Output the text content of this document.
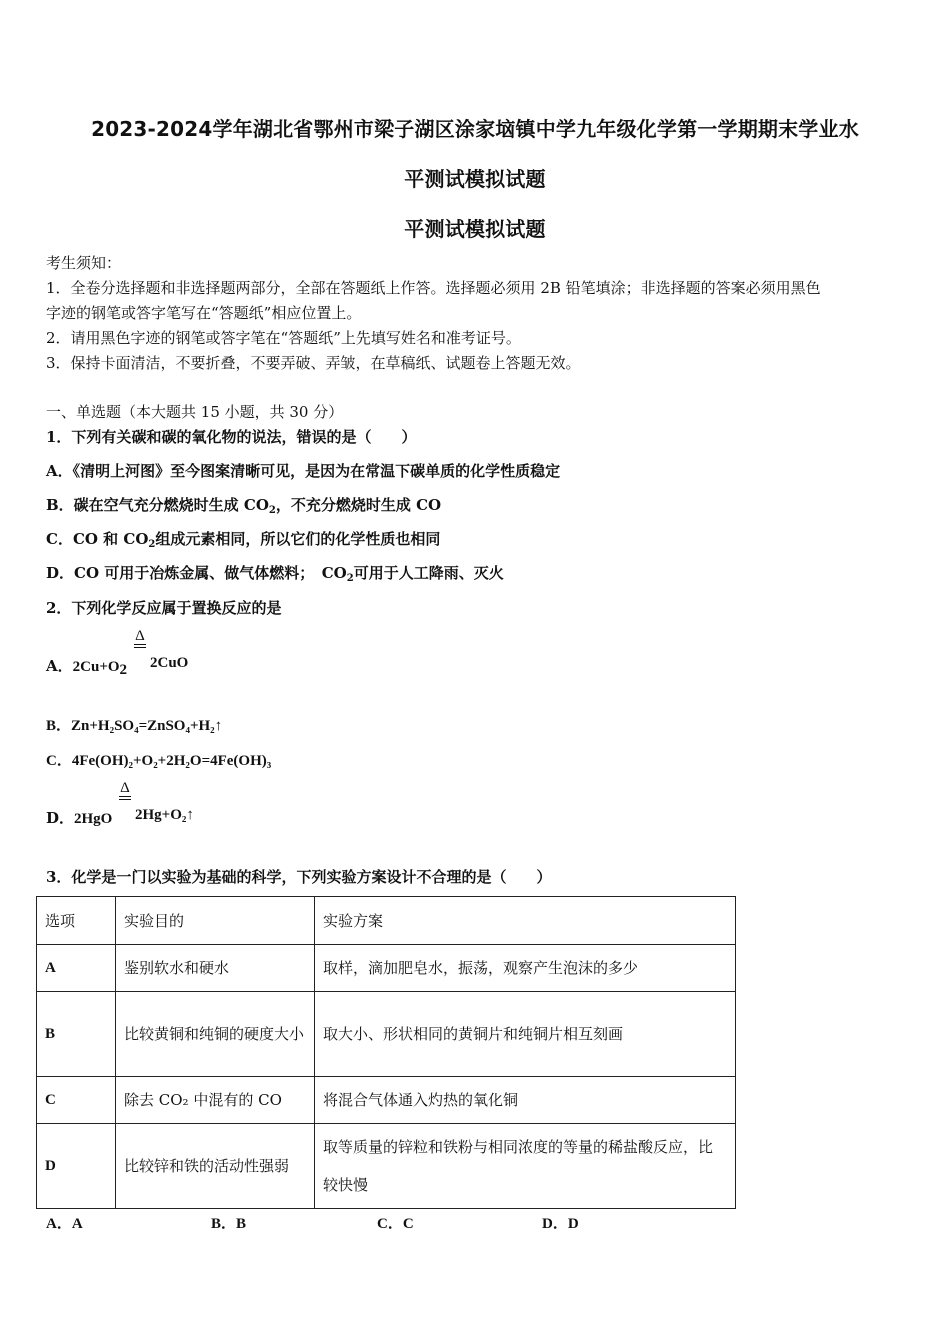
2023-2024学年湖北省鄂州市梁子湖区涂家垴镇中学九年级化学第一学期期末学业水
平测试模拟试题
平测试模拟试题
考生须知：
1．全卷分选择题和非选择题两部分，全部在答题纸上作答。选择题必须用 2B 铅笔填涂；非选择题的答案必须用黑色
字迹的钢笔或答字笔写在“答题纸”相应位置上。
2．请用黑色字迹的钢笔或答字笔在“答题纸”上先填写姓名和准考证号。
3．保持卡面清洁，不要折叠，不要弄破、弄皱，在草稿纸、试题卷上答题无效。
一、单选题（本大题共 15 小题，共 30 分）
1．下列有关碳和碳的氧化物的说法，错误的是（　　）
A．《清明上河图》至今图案清晰可见，是因为在常温下碳单质的化学性质稳定
B．碳在空气充分燃烧时生成 $CO_2$，不充分燃烧时生成 CO
C．CO 和 $CO_2$组成元素相同，所以它们的化学性质也相同
D．CO 可用于冶炼金属、做气体燃料；　$CO_2$可用于人工降雨、灭火
2．下列化学反应属于置换反应的是
Δ
A．$2Cu+O_2$ 2CuO
B．Zn+H₂SO₄=ZnSO₄+H₂↑
C．4Fe(OH)₂+O₂+2H₂O=4Fe(OH)₃
Δ
D．2HgO 2Hg+O₂↑
3．化学是一门以实验为基础的科学，下列实验方案设计不合理的是（　　）
选项	实验目的	实验方案
A	鉴别软水和硬水	取样，滴加肥皂水，振荡，观察产生泡沫的多少
B	比较黄铜和纯铜的硬度大小	取大小、形状相同的黄铜片和纯铜片相互刻画
C	除去 CO₂ 中混有的 CO	将混合气体通入灼热的氧化铜
D	比较锌和铁的活动性强弱	取等质量的锌粒和铁粉与相同浓度的等量的稀盐酸反应，比较快慢
A．A	B．B	C．C	D．D
